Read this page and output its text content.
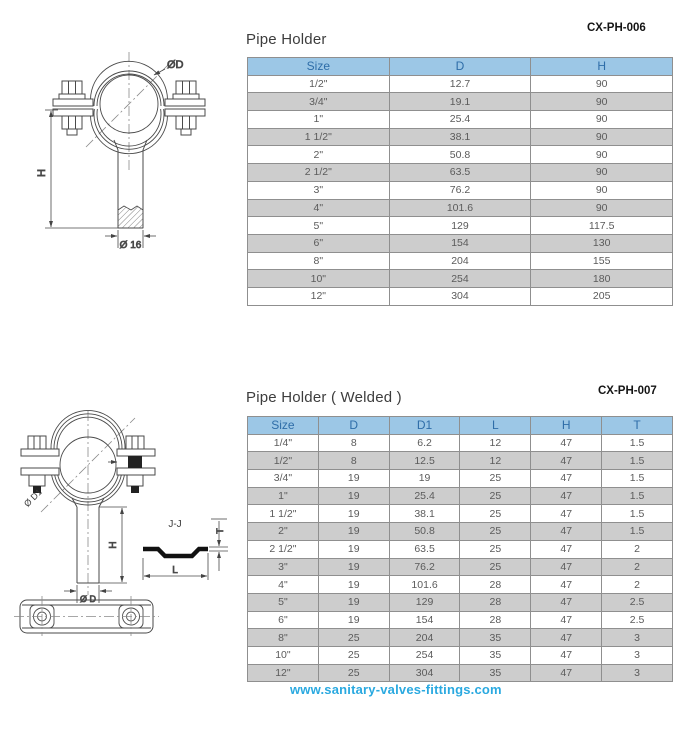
Pipe Holder
CX-PH-006
Size	D	H
1/2"	12.7	90
3/4"	19.1	90
1"	25.4	90
1 1/2"	38.1	90
2"	50.8	90
2 1/2"	63.5	90
3"	76.2	90
4"	101.6	90
5"	129	117.5
6"	154	130
8"	204	155
10"	254	180
12"	304	205
H
ØD
Ø 16
Pipe Holder ( Welded )	CX-PH-007
Size	D	D1	L	H	T
1/4"	8	6.2	12	47	1.5
1/2"	8	12.5	12	47	1.5
3/4"	19	19	25	47	1.5
1"	19	25.4	25	47	1.5
1 1/2"	19	38.1	25	47	1.5
2"	19	50.8	25	47	1.5
2 1/2"	19	63.5	25	47	2
3"	19	76.2	25	47	2
4"	19	101.6	28	47	2
5"	19	129	28	47	2.5
6"	19	154	28	47	2.5
8"	25	204	35	47	3
10"	25	254	35	47	3
12"	25	304	35	47	3
Ø D1
Ø D
H
J-J
L
T
www.sanitary-valves-fittings.com
